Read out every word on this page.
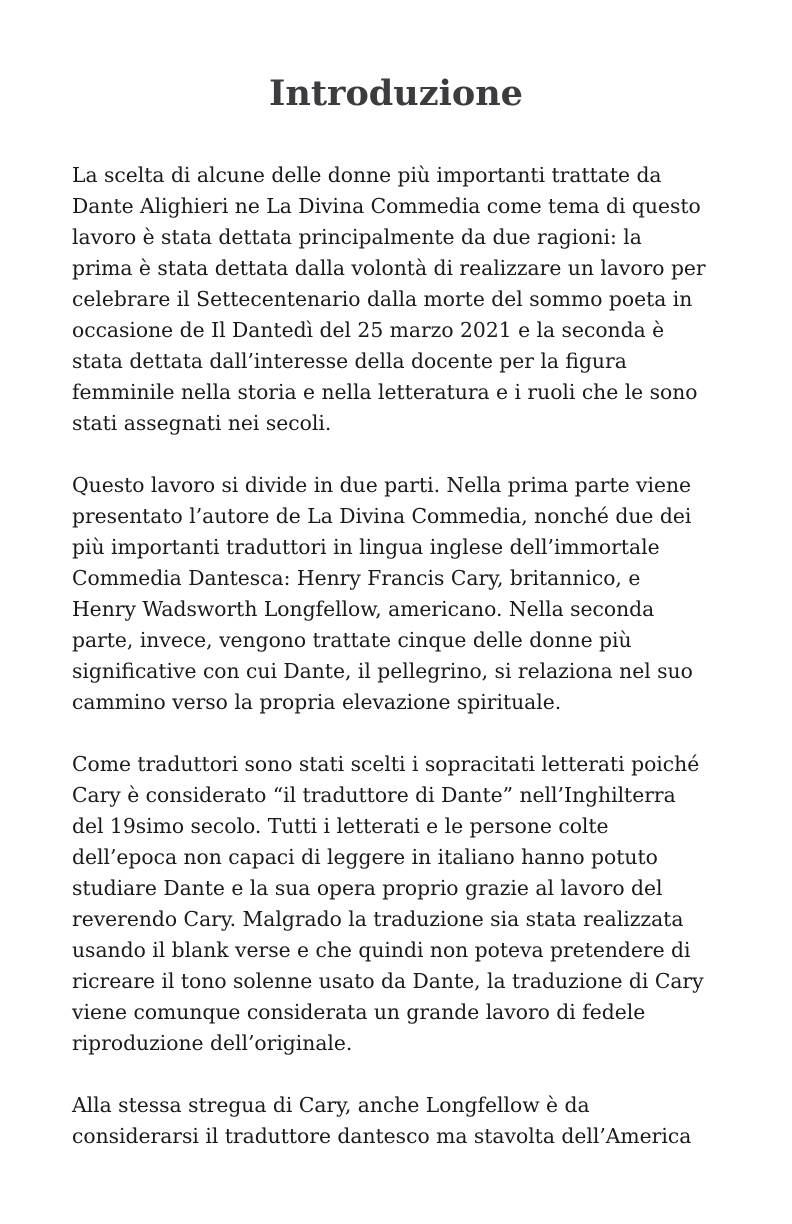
Introduzione

La scelta di alcune delle donne più importanti trattate da
Dante Alighieri ne La Divina Commedia come tema di questo
lavoro è stata dettata principalmente da due ragioni: la
prima è stata dettata dalla volontà di realizzare un lavoro per
celebrare il Settecentenario dalla morte del sommo poeta in
occasione de Il Dantedì del 25 marzo 2021 e la seconda è
stata dettata dall’interesse della docente per la figura
femminile nella storia e nella letteratura e i ruoli che le sono
stati assegnati nei secoli.

Questo lavoro si divide in due parti. Nella prima parte viene
presentato l’autore de La Divina Commedia, nonché due dei
più importanti traduttori in lingua inglese dell’immortale
Commedia Dantesca: Henry Francis Cary, britannico, e
Henry Wadsworth Longfellow, americano. Nella seconda
parte, invece, vengono trattate cinque delle donne più
significative con cui Dante, il pellegrino, si relaziona nel suo
cammino verso la propria elevazione spirituale.

Come traduttori sono stati scelti i sopracitati letterati poiché
Cary è considerato “il traduttore di Dante” nell’Inghilterra
del 19simo secolo. Tutti i letterati e le persone colte
dell’epoca non capaci di leggere in italiano hanno potuto
studiare Dante e la sua opera proprio grazie al lavoro del
reverendo Cary. Malgrado la traduzione sia stata realizzata
usando il blank verse e che quindi non poteva pretendere di
ricreare il tono solenne usato da Dante, la traduzione di Cary
viene comunque considerata un grande lavoro di fedele
riproduzione dell’originale.

Alla stessa stregua di Cary, anche Longfellow è da
considerarsi il traduttore dantesco ma stavolta dell’America
